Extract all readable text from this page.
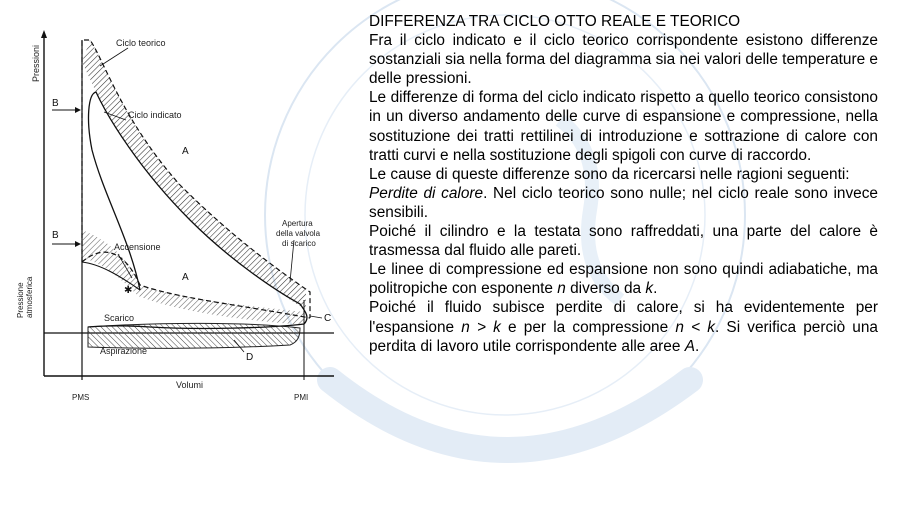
✱
Pressioni
Pressione atmosferica
Ciclo teorico
Ciclo indicato
A
A
B
B
Accensione
Scarico
Aspirazione
D
C
Apertura
della valvola
di scarico
Volumi
PMS	PMI

DIFFERENZA TRA CICLO OTTO REALE E TEORICO

Fra il ciclo indicato e il ciclo teorico corrispondente esistono differenze sostanziali sia nella forma del diagramma sia nei valori delle temperature e delle pressioni.

Le differenze di forma del ciclo indicato rispetto a quello teorico consistono in un diverso andamento delle curve di espansione e compressione, nella sostituzione dei tratti rettilinei di introduzione e sottrazione di calore con tratti curvi e nella sostituzione degli spigoli con curve di raccordo.

Le cause di queste differenze sono da ricercarsi nelle ragioni seguenti:

Perdite di calore. Nel ciclo teorico sono nulle; nel ciclo reale sono invece sensibili.

Poiché il cilindro e la testata sono raffreddati, una parte del calore è trasmessa dal fluido alle pareti.

Le linee di compressione ed espansione non sono quindi adiabatiche, ma politropiche con esponente n diverso da k.

Poiché il fluido subisce perdite di calore, si ha evidentemente per l'espansione n > k e per la compressione n < k. Si verifica perciò una perdita di lavoro utile corrispondente alle aree A.
